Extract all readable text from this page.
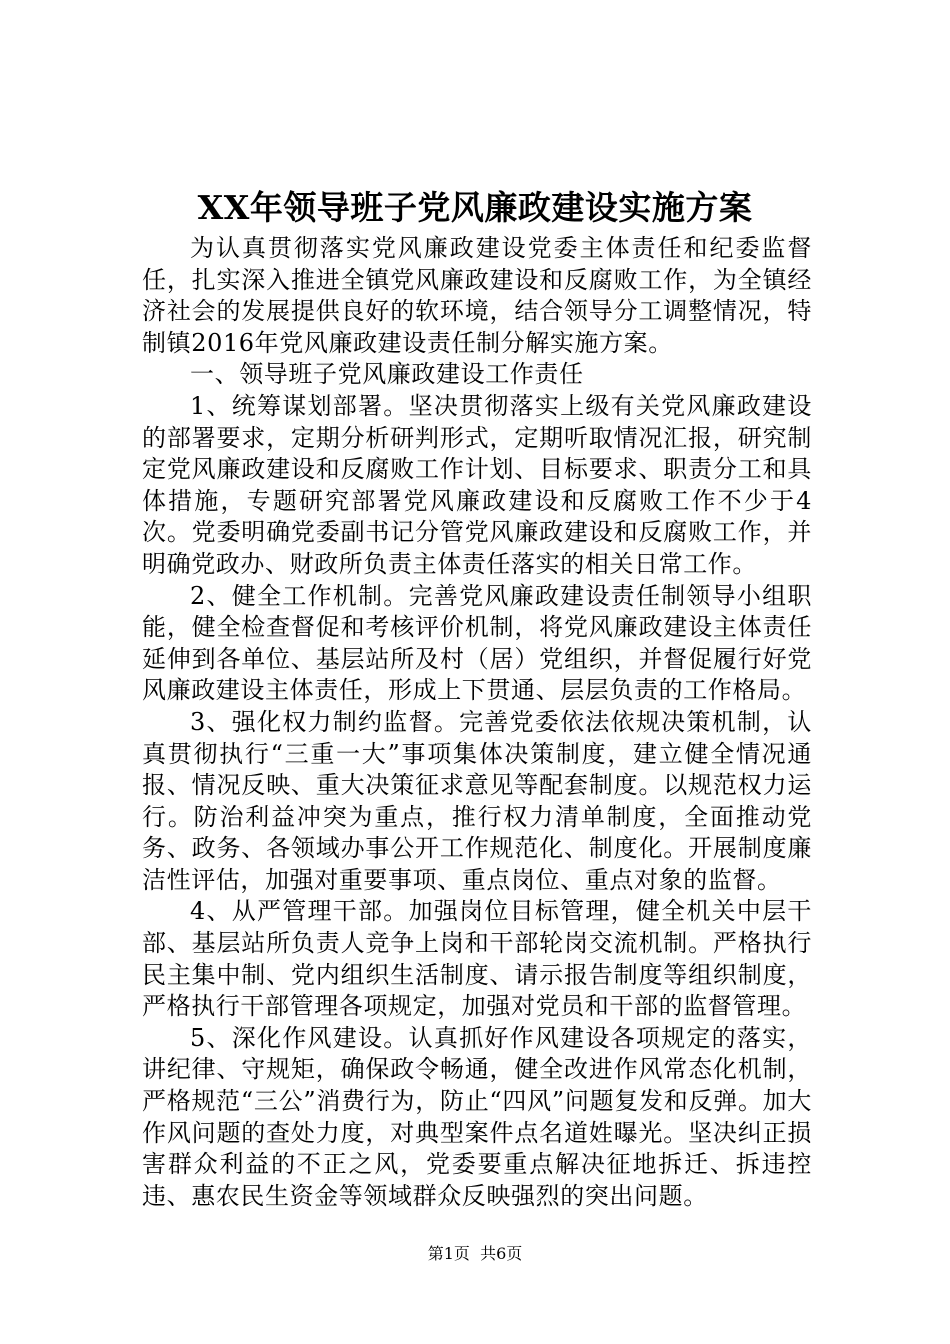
XX年领导班子党风廉政建设实施方案

为认真贯彻落实党风廉政建设党委主体责任和纪委监督任，扎实深入推进全镇党风廉政建设和反腐败工作，为全镇经济社会的发展提供良好的软环境，结合领导分工调整情况，特制镇2016年党风廉政建设责任制分解实施方案。

一、领导班子党风廉政建设工作责任

1、统筹谋划部署。坚决贯彻落实上级有关党风廉政建设的部署要求，定期分析研判形式，定期听取情况汇报，研究制定党风廉政建设和反腐败工作计划、目标要求、职责分工和具体措施，专题研究部署党风廉政建设和反腐败工作不少于4次。党委明确党委副书记分管党风廉政建设和反腐败工作，并明确党政办、财政所负责主体责任落实的相关日常工作。

2、健全工作机制。完善党风廉政建设责任制领导小组职能，健全检查督促和考核评价机制，将党风廉政建设主体责任延伸到各单位、基层站所及村（居）党组织，并督促履行好党风廉政建设主体责任，形成上下贯通、层层负责的工作格局。

3、强化权力制约监督。完善党委依法依规决策机制，认真贯彻执行“三重一大”事项集体决策制度，建立健全情况通报、情况反映、重大决策征求意见等配套制度。以规范权力运行。防治利益冲突为重点，推行权力清单制度，全面推动党务、政务、各领域办事公开工作规范化、制度化。开展制度廉洁性评估，加强对重要事项、重点岗位、重点对象的监督。

4、从严管理干部。加强岗位目标管理，健全机关中层干部、基层站所负责人竞争上岗和干部轮岗交流机制。严格执行民主集中制、党内组织生活制度、请示报告制度等组织制度，严格执行干部管理各项规定，加强对党员和干部的监督管理。

5、深化作风建设。认真抓好作风建设各项规定的落实，讲纪律、守规矩，确保政令畅通，健全改进作风常态化机制，严格规范“三公”消费行为，防止“四风”问题复发和反弹。加大作风问题的查处力度，对典型案件点名道姓曝光。坚决纠正损害群众利益的不正之风，党委要重点解决征地拆迁、拆违控违、惠农民生资金等领域群众反映强烈的突出问题。

第1页 共6页
